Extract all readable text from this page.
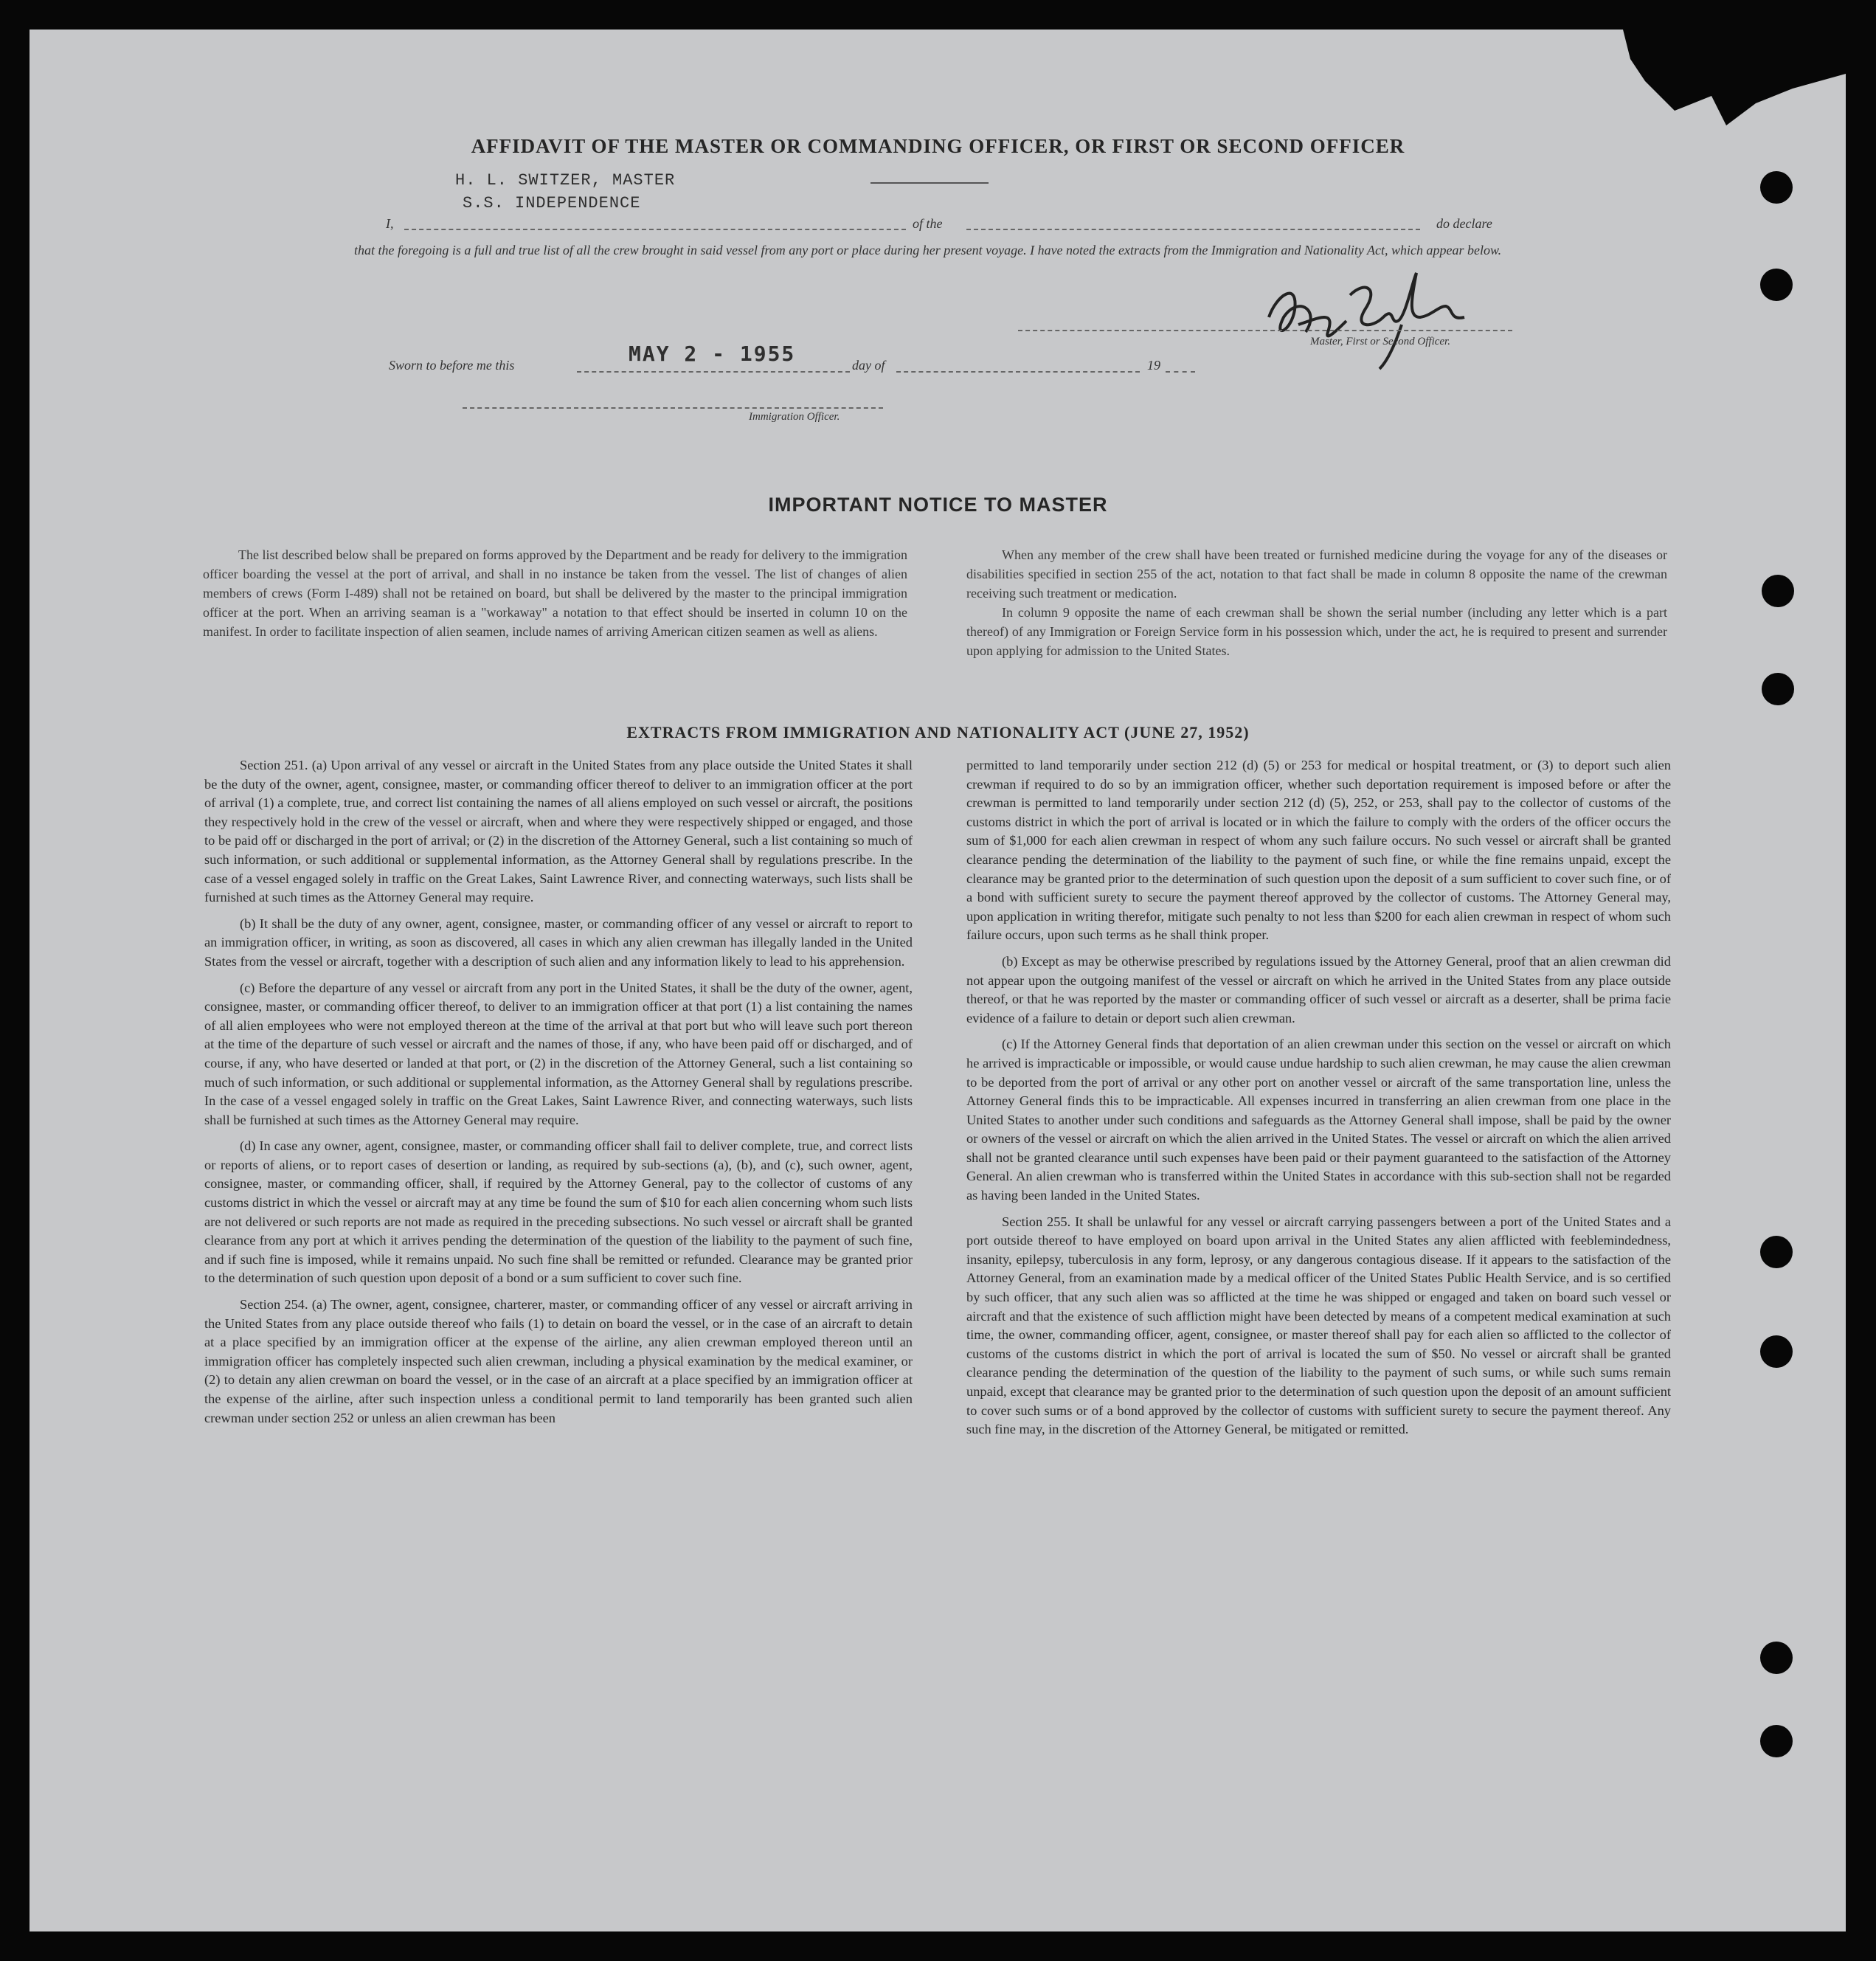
AFFIDAVIT OF THE MASTER OR COMMANDING OFFICER, OR FIRST OR SECOND OFFICER
H. L. SWITZER, MASTER
S.S. INDEPENDENCE
I,	of the	do declare
that the foregoing is a full and true list of all the crew brought in said vessel from any port or place during her present voyage. I have noted the extracts from the Immigration and Nationality Act, which appear below.
Master, First or Second Officer.
Sworn to before me this	MAY 2 - 1955	day of	19
Immigration Officer.
IMPORTANT NOTICE TO MASTER

The list described below shall be prepared on forms approved by the Department and be ready for delivery to the immigration officer boarding the vessel at the port of arrival, and shall in no instance be taken from the vessel. The list of changes of alien members of crews (Form I-489) shall not be retained on board, but shall be delivered by the master to the principal immigration officer at the port. When an arriving seaman is a "workaway" a notation to that effect should be inserted in column 10 on the manifest. In order to facilitate inspection of alien seamen, include names of arriving American citizen seamen as well as aliens.

When any member of the crew shall have been treated or furnished medicine during the voyage for any of the diseases or disabilities specified in section 255 of the act, notation to that fact shall be made in column 8 opposite the name of the crewman receiving such treatment or medication.

In column 9 opposite the name of each crewman shall be shown the serial number (including any letter which is a part thereof) of any Immigration or Foreign Service form in his possession which, under the act, he is required to present and surrender upon applying for admission to the United States.

EXTRACTS FROM IMMIGRATION AND NATIONALITY ACT (JUNE 27, 1952)

Section 251. (a) Upon arrival of any vessel or aircraft in the United States from any place outside the United States it shall be the duty of the owner, agent, consignee, master, or commanding officer thereof to deliver to an immigration officer at the port of arrival (1) a complete, true, and correct list containing the names of all aliens employed on such vessel or aircraft, the positions they respectively hold in the crew of the vessel or aircraft, when and where they were respectively shipped or engaged, and those to be paid off or discharged in the port of arrival; or (2) in the discretion of the Attorney General, such a list containing so much of such information, or such additional or supplemental information, as the Attorney General shall by regulations prescribe. In the case of a vessel engaged solely in traffic on the Great Lakes, Saint Lawrence River, and connecting waterways, such lists shall be furnished at such times as the Attorney General may require.

(b) It shall be the duty of any owner, agent, consignee, master, or commanding officer of any vessel or aircraft to report to an immigration officer, in writing, as soon as discovered, all cases in which any alien crewman has illegally landed in the United States from the vessel or aircraft, together with a description of such alien and any information likely to lead to his apprehension.

(c) Before the departure of any vessel or aircraft from any port in the United States, it shall be the duty of the owner, agent, consignee, master, or commanding officer thereof, to deliver to an immigration officer at that port (1) a list containing the names of all alien employees who were not employed thereon at the time of the arrival at that port but who will leave such port thereon at the time of the departure of such vessel or aircraft and the names of those, if any, who have been paid off or discharged, and of course, if any, who have deserted or landed at that port, or (2) in the discretion of the Attorney General, such a list containing so much of such information, or such additional or supplemental information, as the Attorney General shall by regulations prescribe. In the case of a vessel engaged solely in traffic on the Great Lakes, Saint Lawrence River, and connecting waterways, such lists shall be furnished at such times as the Attorney General may require.

(d) In case any owner, agent, consignee, master, or commanding officer shall fail to deliver complete, true, and correct lists or reports of aliens, or to report cases of desertion or landing, as required by sub-sections (a), (b), and (c), such owner, agent, consignee, master, or commanding officer, shall, if required by the Attorney General, pay to the collector of customs of any customs district in which the vessel or aircraft may at any time be found the sum of $10 for each alien concerning whom such lists are not delivered or such reports are not made as required in the preceding subsections. No such vessel or aircraft shall be granted clearance from any port at which it arrives pending the determination of the question of the liability to the payment of such fine, and if such fine is imposed, while it remains unpaid. No such fine shall be remitted or refunded. Clearance may be granted prior to the determination of such question upon deposit of a bond or a sum sufficient to cover such fine.

Section 254. (a) The owner, agent, consignee, charterer, master, or commanding officer of any vessel or aircraft arriving in the United States from any place outside thereof who fails (1) to detain on board the vessel, or in the case of an aircraft to detain at a place specified by an immigration officer at the expense of the airline, any alien crewman employed thereon until an immigration officer has completely inspected such alien crewman, including a physical examination by the medical examiner, or (2) to detain any alien crewman on board the vessel, or in the case of an aircraft at a place specified by an immigration officer at the expense of the airline, after such inspection unless a conditional permit to land temporarily has been granted such alien crewman under section 252 or unless an alien crewman has been

permitted to land temporarily under section 212 (d) (5) or 253 for medical or hospital treatment, or (3) to deport such alien crewman if required to do so by an immigration officer, whether such deportation requirement is imposed before or after the crewman is permitted to land temporarily under section 212 (d) (5), 252, or 253, shall pay to the collector of customs of the customs district in which the port of arrival is located or in which the failure to comply with the orders of the officer occurs the sum of $1,000 for each alien crewman in respect of whom any such failure occurs. No such vessel or aircraft shall be granted clearance pending the determination of the liability to the payment of such fine, or while the fine remains unpaid, except the clearance may be granted prior to the determination of such question upon the deposit of a sum sufficient to cover such fine, or of a bond with sufficient surety to secure the payment thereof approved by the collector of customs. The Attorney General may, upon application in writing therefor, mitigate such penalty to not less than $200 for each alien crewman in respect of whom such failure occurs, upon such terms as he shall think proper.

(b) Except as may be otherwise prescribed by regulations issued by the Attorney General, proof that an alien crewman did not appear upon the outgoing manifest of the vessel or aircraft on which he arrived in the United States from any place outside thereof, or that he was reported by the master or commanding officer of such vessel or aircraft as a deserter, shall be prima facie evidence of a failure to detain or deport such alien crewman.

(c) If the Attorney General finds that deportation of an alien crewman under this section on the vessel or aircraft on which he arrived is impracticable or impossible, or would cause undue hardship to such alien crewman, he may cause the alien crewman to be deported from the port of arrival or any other port on another vessel or aircraft of the same transportation line, unless the Attorney General finds this to be impracticable. All expenses incurred in transferring an alien crewman from one place in the United States to another under such conditions and safeguards as the Attorney General shall impose, shall be paid by the owner or owners of the vessel or aircraft on which the alien arrived in the United States. The vessel or aircraft on which the alien arrived shall not be granted clearance until such expenses have been paid or their payment guaranteed to the satisfaction of the Attorney General. An alien crewman who is transferred within the United States in accordance with this sub-section shall not be regarded as having been landed in the United States.

Section 255. It shall be unlawful for any vessel or aircraft carrying passengers between a port of the United States and a port outside thereof to have employed on board upon arrival in the United States any alien afflicted with feeblemindedness, insanity, epilepsy, tuberculosis in any form, leprosy, or any dangerous contagious disease. If it appears to the satisfaction of the Attorney General, from an examination made by a medical officer of the United States Public Health Service, and is so certified by such officer, that any such alien was so afflicted at the time he was shipped or engaged and taken on board such vessel or aircraft and that the existence of such affliction might have been detected by means of a competent medical examination at such time, the owner, commanding officer, agent, consignee, or master thereof shall pay for each alien so afflicted to the collector of customs of the customs district in which the port of arrival is located the sum of $50. No vessel or aircraft shall be granted clearance pending the determination of the question of the liability to the payment of such sums, or while such sums remain unpaid, except that clearance may be granted prior to the determination of such question upon the deposit of an amount sufficient to cover such sums or of a bond approved by the collector of customs with sufficient surety to secure the payment thereof. Any such fine may, in the discretion of the Attorney General, be mitigated or remitted.
